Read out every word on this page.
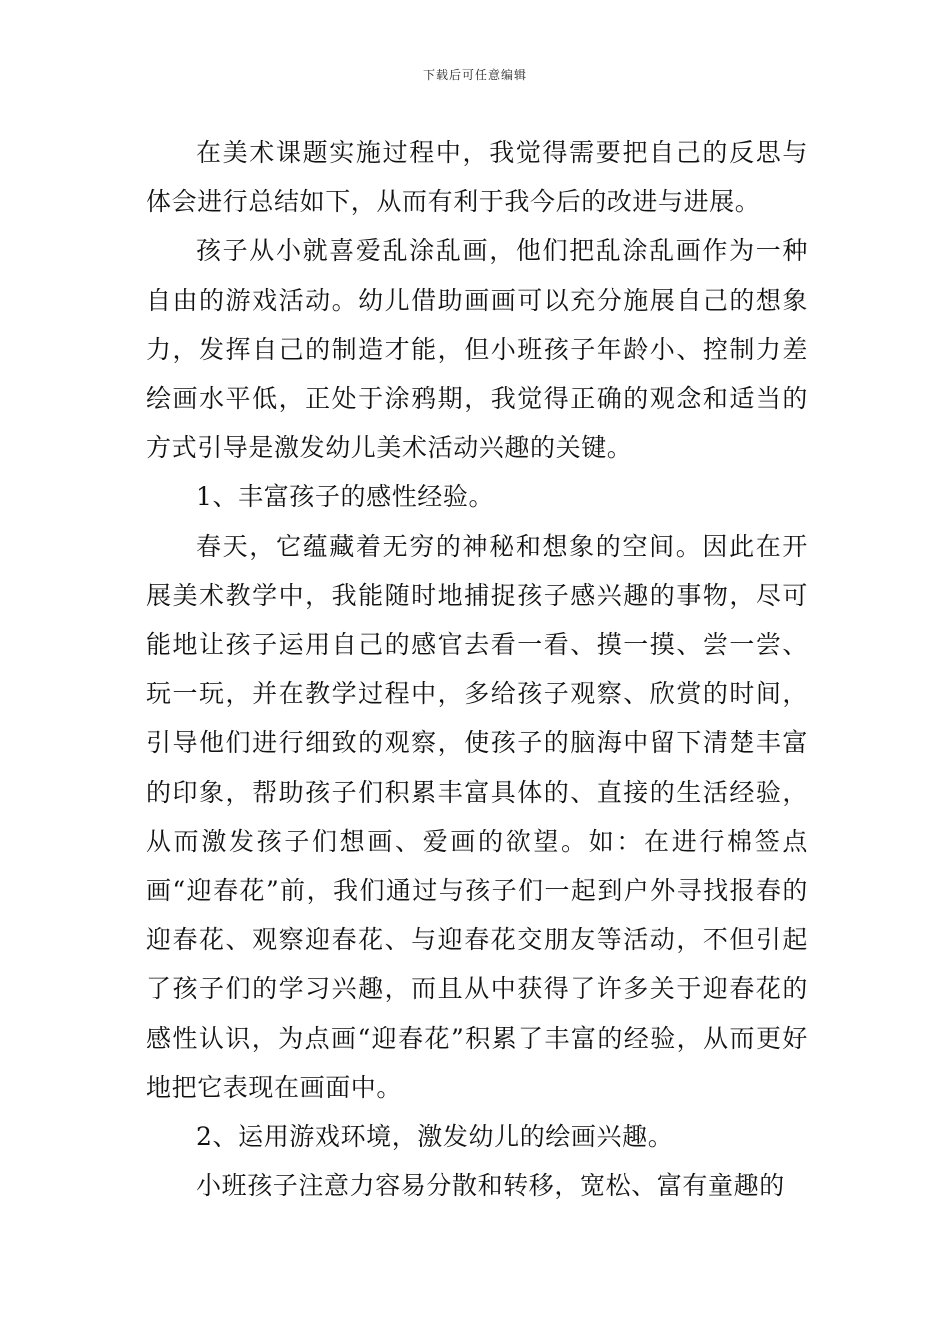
下载后可任意编辑

在美术课题实施过程中，我觉得需要把自己的反思与体会进行总结如下，从而有利于我今后的改进与进展。

孩子从小就喜爱乱涂乱画，他们把乱涂乱画作为一种自由的游戏活动。幼儿借助画画可以充分施展自己的想象力，发挥自己的制造才能，但小班孩子年龄小、控制力差绘画水平低，正处于涂鸦期，我觉得正确的观念和适当的方式引导是激发幼儿美术活动兴趣的关键。

1、丰富孩子的感性经验。

春天，它蕴藏着无穷的神秘和想象的空间。因此在开展美术教学中，我能随时地捕捉孩子感兴趣的事物，尽可能地让孩子运用自己的感官去看一看、摸一摸、尝一尝、玩一玩，并在教学过程中，多给孩子观察、欣赏的时间，引导他们进行细致的观察，使孩子的脑海中留下清楚丰富的印象，帮助孩子们积累丰富具体的、直接的生活经验，从而激发孩子们想画、爱画的欲望。如：在进行棉签点画“迎春花”前，我们通过与孩子们一起到户外寻找报春的迎春花、观察迎春花、与迎春花交朋友等活动，不但引起了孩子们的学习兴趣，而且从中获得了许多关于迎春花的感性认识，为点画“迎春花”积累了丰富的经验，从而更好地把它表现在画面中。

2、运用游戏环境，激发幼儿的绘画兴趣。

小班孩子注意力容易分散和转移，宽松、富有童趣的
